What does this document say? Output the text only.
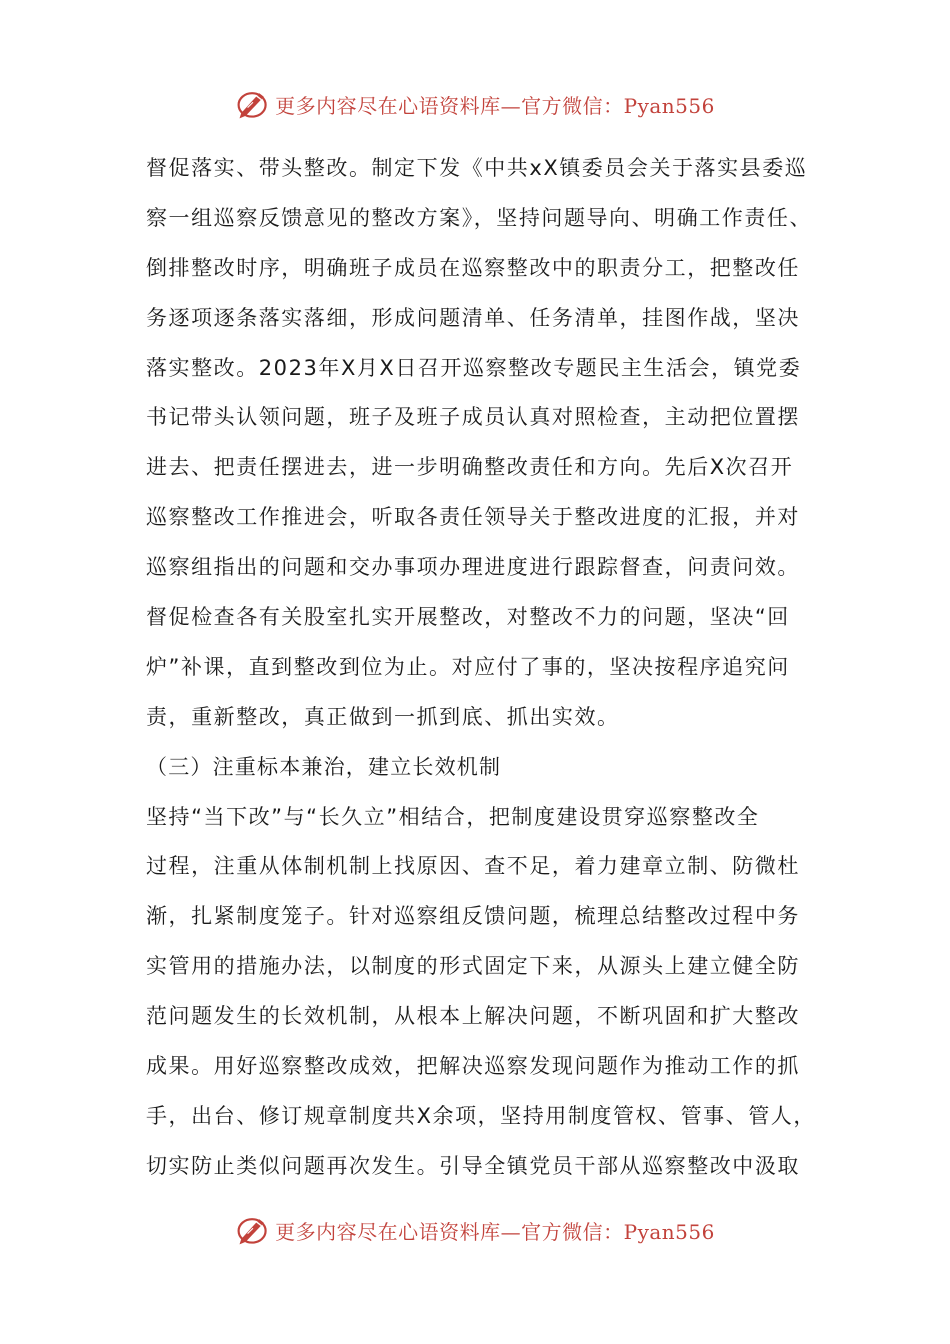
更多内容尽在心语资料库—官方微信：Pyan556
督促落实、带头整改。制定下发《中共xX镇委员会关于落实县委巡
察一组巡察反馈意见的整改方案》，坚持问题导向、明确工作责任、
倒排整改时序，明确班子成员在巡察整改中的职责分工，把整改任
务逐项逐条落实落细，形成问题清单、任务清单，挂图作战，坚决
落实整改。2023年X月X日召开巡察整改专题民主生活会，镇党委
书记带头认领问题，班子及班子成员认真对照检查，主动把位置摆
进去、把责任摆进去，进一步明确整改责任和方向。先后X次召开
巡察整改工作推进会，听取各责任领导关于整改进度的汇报，并对
巡察组指出的问题和交办事项办理进度进行跟踪督查，问责问效。
督促检查各有关股室扎实开展整改，对整改不力的问题，坚决“回
炉”补课，直到整改到位为止。对应付了事的，坚决按程序追究问
责，重新整改，真正做到一抓到底、抓出实效。
（三）注重标本兼治，建立长效机制
坚持“当下改”与“长久立”相结合，把制度建设贯穿巡察整改全
过程，注重从体制机制上找原因、查不足，着力建章立制、防微杜
渐，扎紧制度笼子。针对巡察组反馈问题，梳理总结整改过程中务
实管用的措施办法，以制度的形式固定下来，从源头上建立健全防
范问题发生的长效机制，从根本上解决问题，不断巩固和扩大整改
成果。用好巡察整改成效，把解决巡察发现问题作为推动工作的抓
手，出台、修订规章制度共X余项，坚持用制度管权、管事、管人，
切实防止类似问题再次发生。引导全镇党员干部从巡察整改中汲取
更多内容尽在心语资料库—官方微信：Pyan556
